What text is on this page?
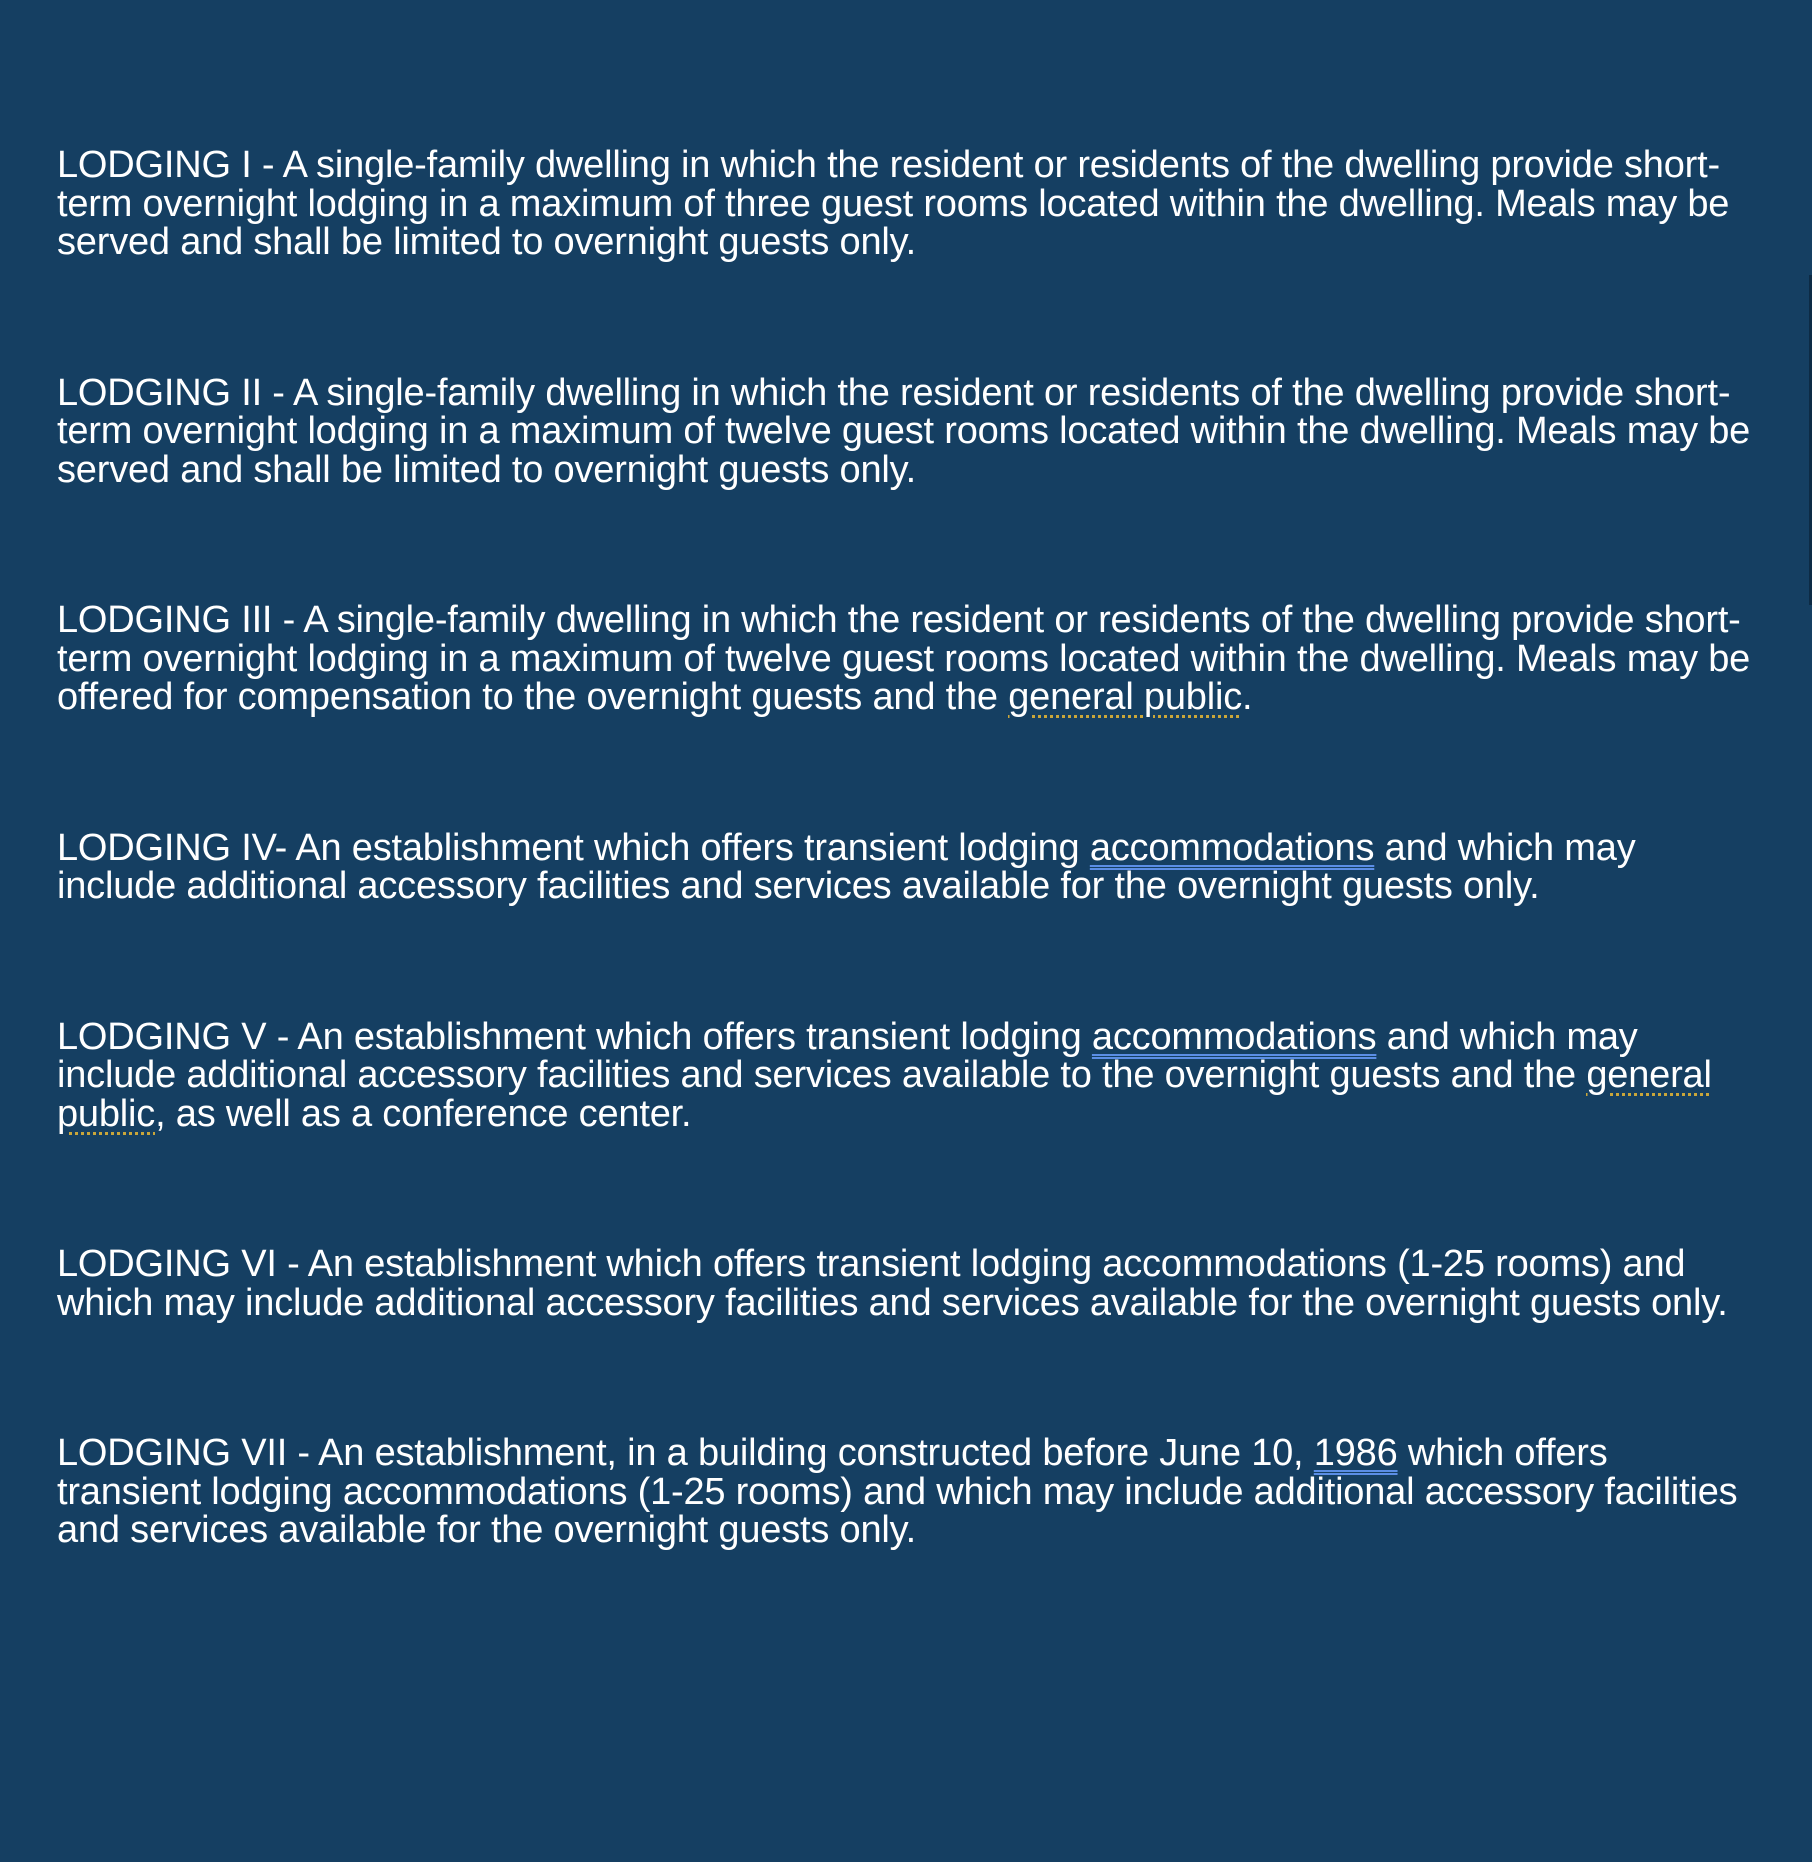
LODGING I - A single-family dwelling in which the resident or residents of the dwelling provide short-term overnight lodging in a maximum of three guest rooms located within the dwelling. Meals may be served and shall be limited to overnight guests only.

LODGING II - A single-family dwelling in which the resident or residents of the dwelling provide short-term overnight lodging in a maximum of twelve guest rooms located within the dwelling. Meals may be served and shall be limited to overnight guests only.

LODGING III - A single-family dwelling in which the resident or residents of the dwelling provide short-term overnight lodging in a maximum of twelve guest rooms located within the dwelling. Meals may be offered for compensation to the overnight guests and the general public.

LODGING IV- An establishment which offers transient lodging accommodations and which may include additional accessory facilities and services available for the overnight guests only.

LODGING V - An establishment which offers transient lodging accommodations and which may include additional accessory facilities and services available to the overnight guests and the general public, as well as a conference center.

LODGING VI - An establishment which offers transient lodging accommodations (1-25 rooms) and which may include additional accessory facilities and services available for the overnight guests only.

LODGING VII - An establishment, in a building constructed before June 10, 1986 which offers transient lodging accommodations (1-25 rooms) and which may include additional accessory facilities and services available for the overnight guests only.
